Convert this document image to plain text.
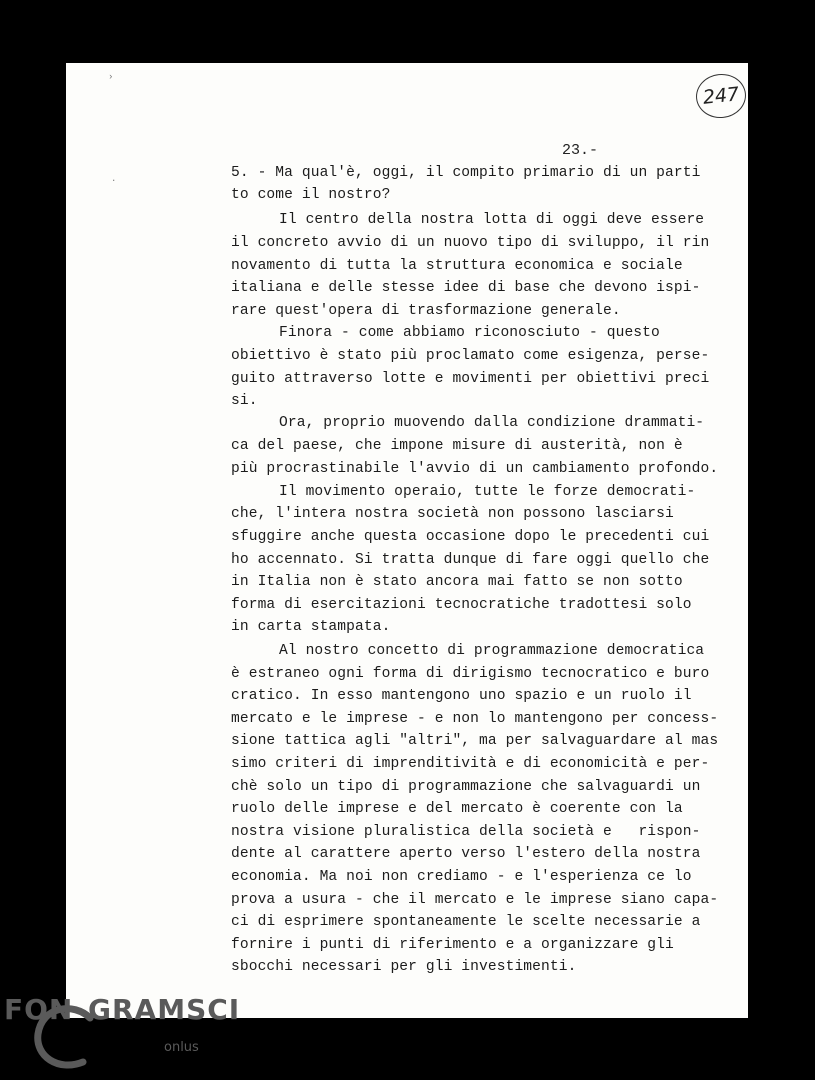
247
23.-
›
·	5. - Ma qual'è, oggi, il compito primario di un parti
to come il nostro?
Il centro della nostra lotta di oggi deve essere
il concreto avvio di un nuovo tipo di sviluppo, il rin
novamento di tutta la struttura economica e sociale
italiana e delle stesse idee di base che devono ispi-
rare quest'opera di trasformazione generale.
Finora - come abbiamo riconosciuto - questo
obiettivo è stato più proclamato come esigenza, perse-
guito attraverso lotte e movimenti per obiettivi preci
si.
Ora, proprio muovendo dalla condizione drammati-
ca del paese, che impone misure di austerità, non è
più procrastinabile l'avvio di un cambiamento profondo.
Il movimento operaio, tutte le forze democrati-
che, l'intera nostra società non possono lasciarsi
sfuggire anche questa occasione dopo le precedenti cui
ho accennato. Si tratta dunque di fare oggi quello che
in Italia non è stato ancora mai fatto se non sotto
forma di esercitazioni tecnocratiche tradottesi solo
in carta stampata.
Al nostro concetto di programmazione democratica
è estraneo ogni forma di dirigismo tecnocratico e buro
cratico. In esso mantengono uno spazio e un ruolo il
mercato e le imprese - e non lo mantengono per concess-
sione tattica agli "altri", ma per salvaguardare al mas
simo criteri di imprenditività e di economicità e per-
chè solo un tipo di programmazione che salvaguardi un
ruolo delle imprese e del mercato è coerente con la
nostra visione pluralistica della società e   rispon-
dente al carattere aperto verso l'estero della nostra
economia. Ma noi non crediamo - e l'esperienza ce lo
prova a usura - che il mercato e le imprese siano capa-
ci di esprimere spontaneamente le scelte necessarie a
fornire i punti di riferimento e a organizzare gli
sbocchi necessari per gli investimenti.
FON GRAMSCI
onlus
